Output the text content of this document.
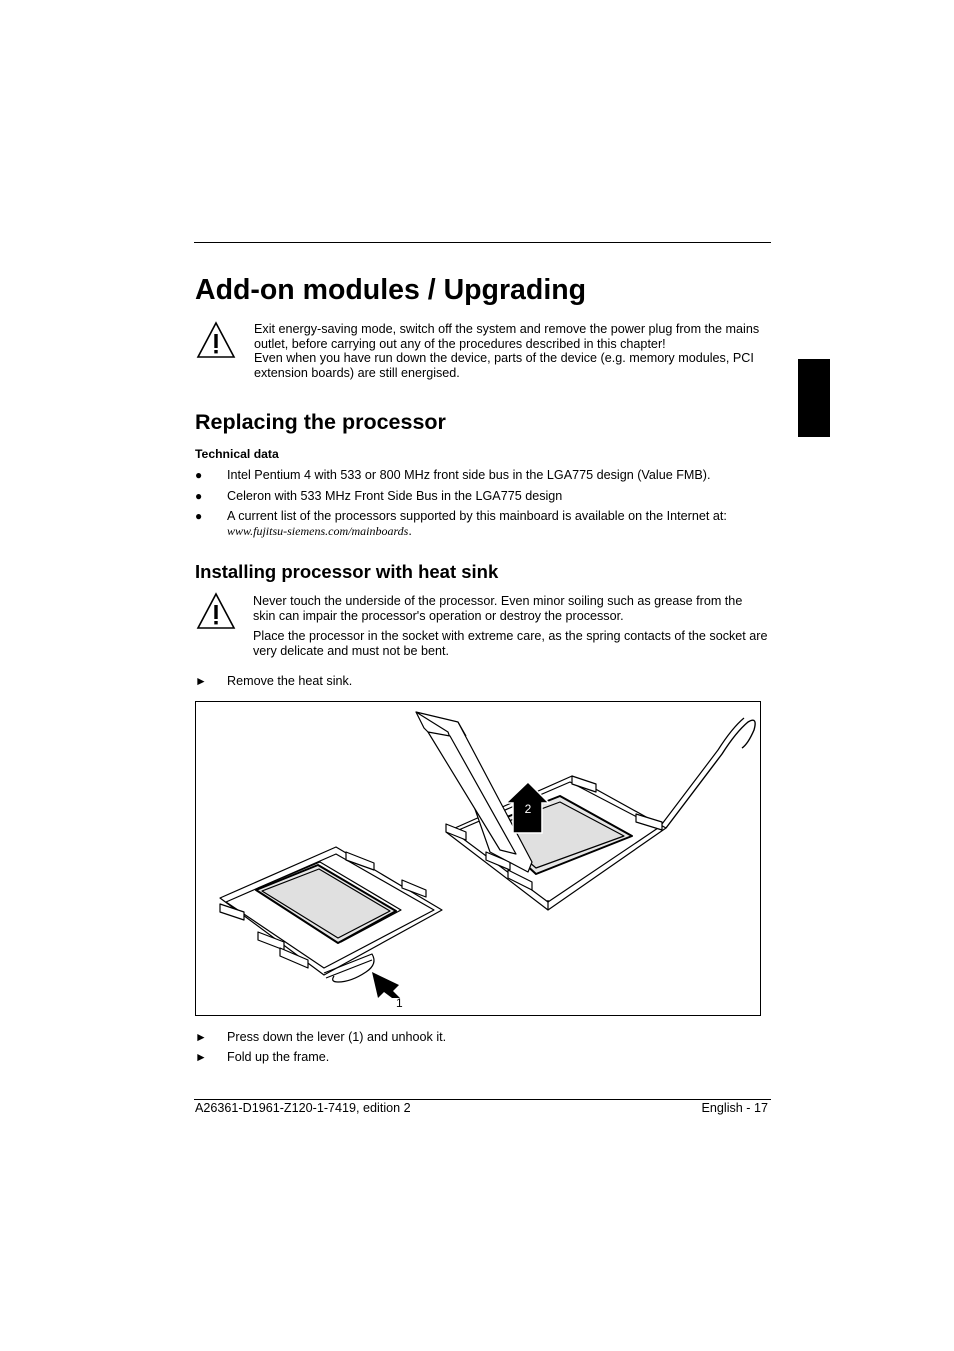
Add-on modules / Upgrading

Exit energy-saving mode, switch off the system and remove the power plug from the mains outlet, before carrying out any of the procedures described in this chapter!

Even when you have run down the device, parts of the device (e.g. memory modules, PCI extension boards) are still energised.

Replacing the processor
Technical data
● Intel Pentium 4 with 533 or 800 MHz front side bus in the LGA775 design (Value FMB).
● Celeron with 533 MHz Front Side Bus in the LGA775 design
● A current list of the processors supported by this mainboard is available on the Internet at:
www.fujitsu-siemens.com/mainboards.
Installing processor with heat sink

Never touch the underside of the processor. Even minor soiling such as grease from the skin can impair the processor's operation or destroy the processor.

Place the processor in the socket with extreme care, as the spring contacts of the socket are very delicate and must not be bent.

► Remove the heat sink.
1
2
► Press down the lever (1) and unhook it.
► Fold up the frame.
A26361-D1961-Z120-1-7419, edition 2	English - 17
